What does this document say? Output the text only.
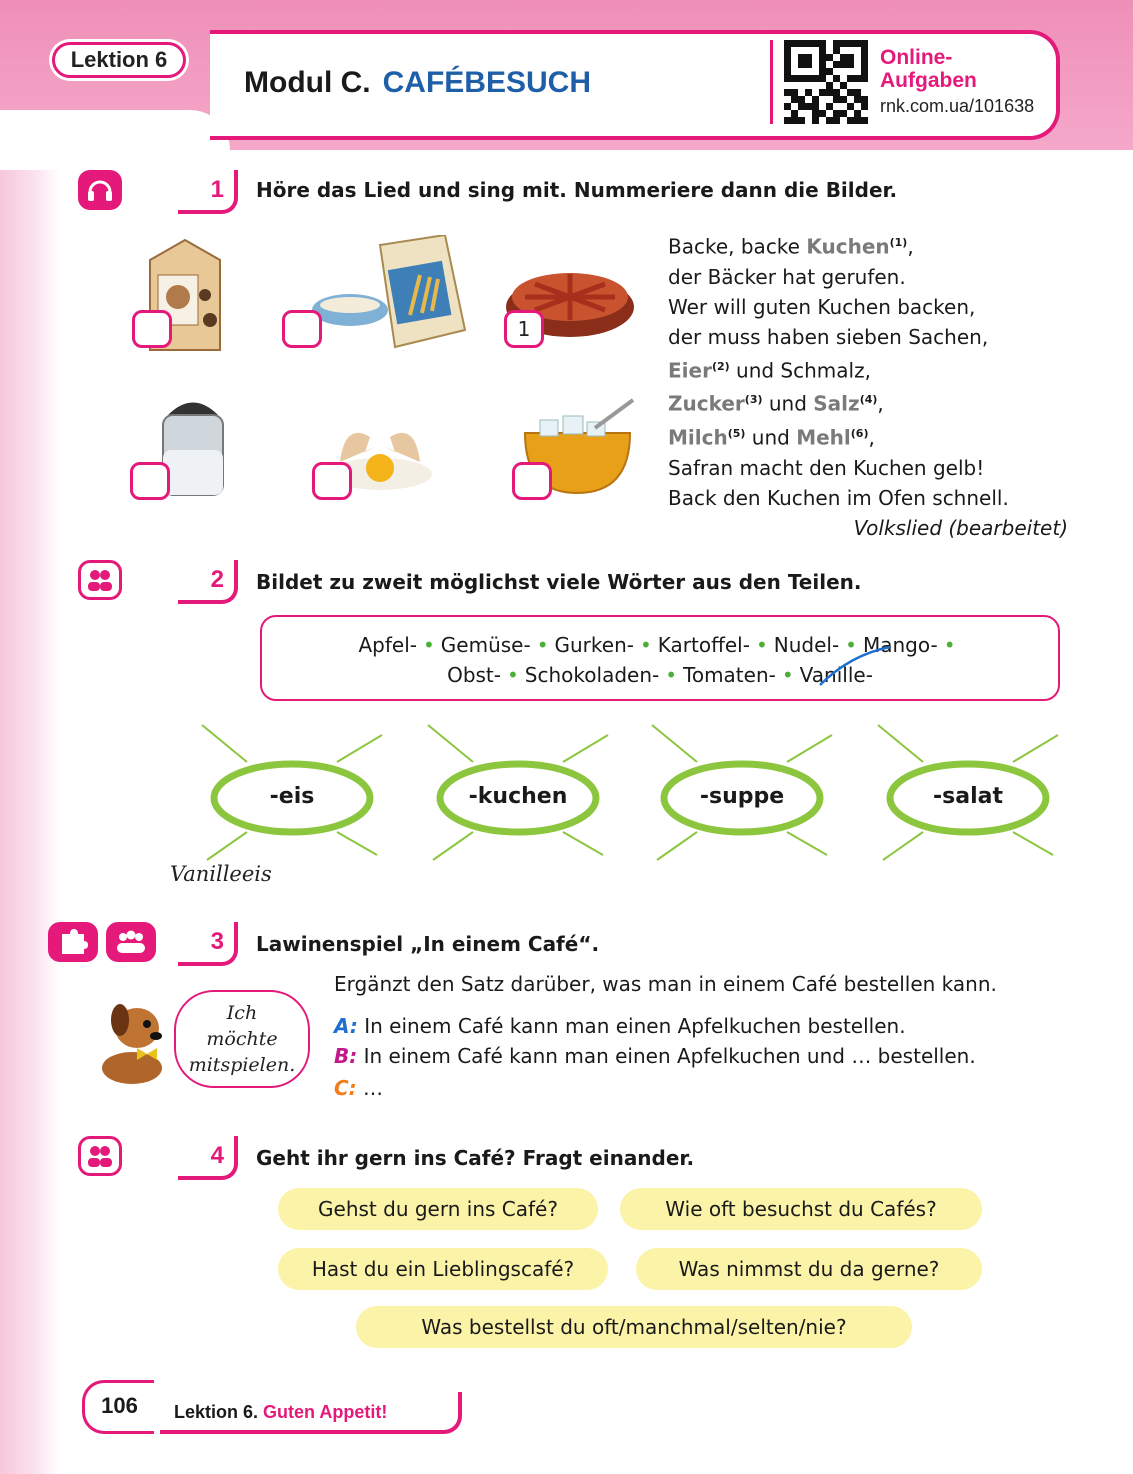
Lektion 6
Modul C. CAFÉBESUCH
Online-
Aufgaben
rnk.com.ua/101638
1	Höre das Lied und sing mit. Nummeriere dann die Bilder.
1
Backe, backe Kuchen$^{(1)}$,
der Bäcker hat gerufen.
Wer will guten Kuchen backen,
der muss haben sieben Sachen,
Eier$^{(2)}$ und Schmalz,
Zucker$^{(3)}$ und Salz$^{(4)}$,
Milch$^{(5)}$ und Mehl$^{(6)}$,
Safran macht den Kuchen gelb!
Back den Kuchen im Ofen schnell.
Volkslied (bearbeitet)
2	Bildet zu zweit möglichst viele Wörter aus den Teilen.
Apfel- • Gemüse- • Gurken- • Kartoffel- • Nudel- • Mango- •
Obst- • Schokoladen- • Tomaten- • Vanille-
-eis	-kuchen	-suppe	-salat
Vanilleeis
3	Lawinenspiel „In einem Café“.
Ergänzt den Satz darüber, was man in einem Café bestellen kann.
A: In einem Café kann man einen Apfelkuchen bestellen.
B: In einem Café kann man einen Apfelkuchen und … bestellen.
C: …
Ich
möchte
mitspielen.
4	Geht ihr gern ins Café? Fragt einander.
Gehst du gern ins Café?	Wie oft besuchst du Cafés?
Hast du ein Lieblingscafé?	Was nimmst du da gerne?
Was bestellst du oft/manchmal/selten/nie?
106	Lektion 6. Guten Appetit!
